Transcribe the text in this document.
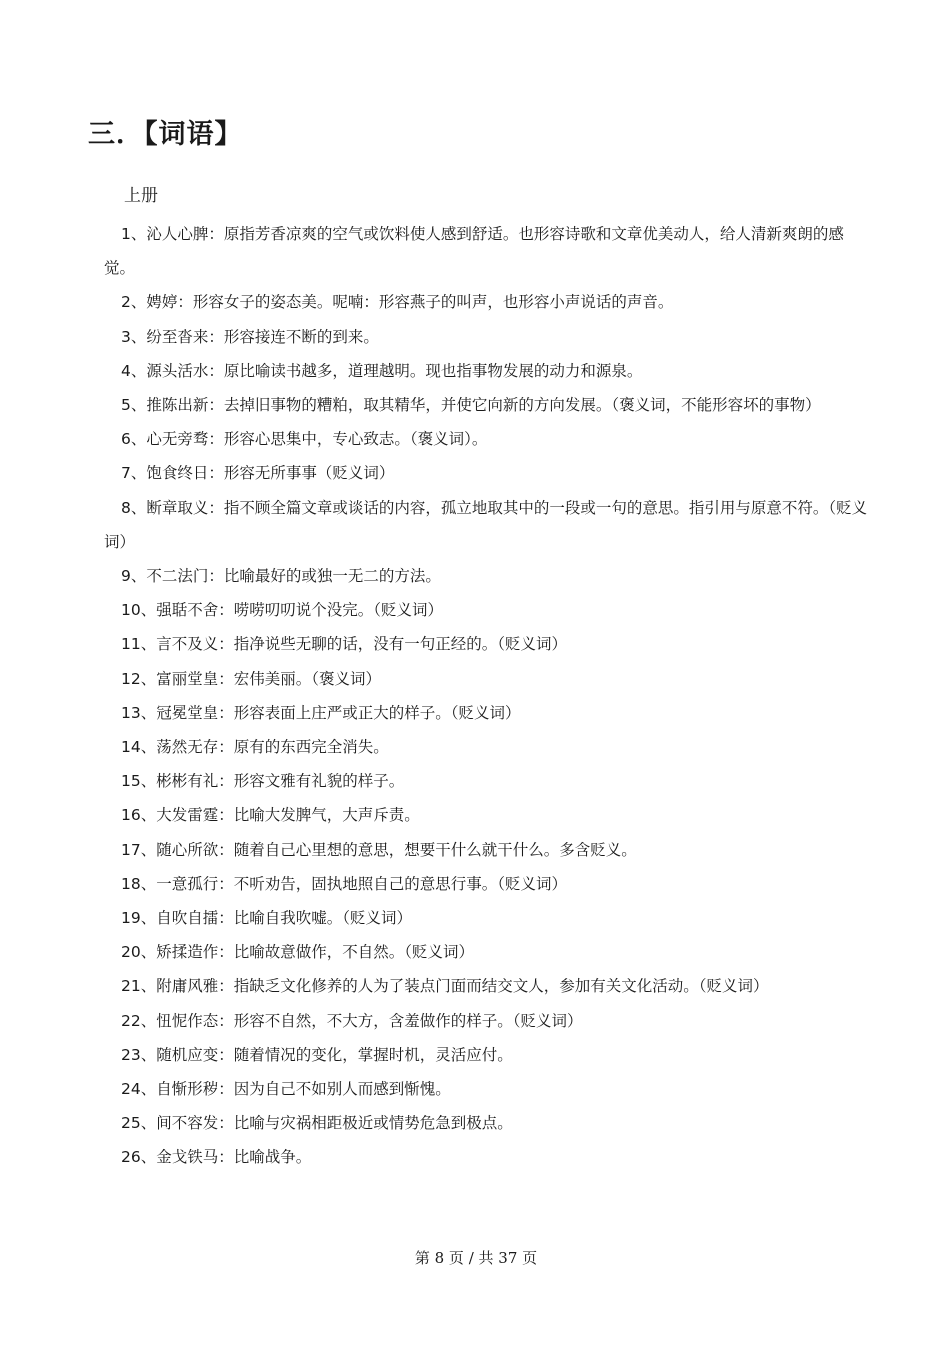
三．【词语】
上册

1、沁人心脾：原指芳香凉爽的空气或饮料使人感到舒适。也形容诗歌和文章优美动人，给人清新爽朗的感觉。

2、娉婷：形容女子的姿态美。呢喃：形容燕子的叫声，也形容小声说话的声音。

3、纷至沓来：形容接连不断的到来。

4、源头活水：原比喻读书越多，道理越明。现也指事物发展的动力和源泉。

5、推陈出新：去掉旧事物的糟粕，取其精华，并使它向新的方向发展。（褒义词，不能形容坏的事物）

6、心无旁骛：形容心思集中，专心致志。（褒义词）。

7、饱食终日：形容无所事事（贬义词）

8、断章取义：指不顾全篇文章或谈话的内容，孤立地取其中的一段或一句的意思。指引用与原意不符。（贬义词）

9、不二法门：比喻最好的或独一无二的方法。

10、强聒不舍：唠唠叨叨说个没完。（贬义词）

11、言不及义：指净说些无聊的话，没有一句正经的。（贬义词）

12、富丽堂皇：宏伟美丽。（褒义词）

13、冠冕堂皇：形容表面上庄严或正大的样子。（贬义词）

14、荡然无存：原有的东西完全消失。

15、彬彬有礼：形容文雅有礼貌的样子。

16、大发雷霆：比喻大发脾气，大声斥责。

17、随心所欲：随着自己心里想的意思，想要干什么就干什么。多含贬义。

18、一意孤行：不听劝告，固执地照自己的意思行事。（贬义词）

19、自吹自擂：比喻自我吹嘘。（贬义词）

20、矫揉造作：比喻故意做作，不自然。（贬义词）

21、附庸风雅：指缺乏文化修养的人为了装点门面而结交文人，参加有关文化活动。（贬义词）

22、忸怩作态：形容不自然，不大方，含羞做作的样子。（贬义词）

23、随机应变：随着情况的变化，掌握时机，灵活应付。

24、自惭形秽：因为自己不如别人而感到惭愧。

25、间不容发：比喻与灾祸相距极近或情势危急到极点。

26、金戈铁马：比喻战争。

第 8 页 / 共 37 页
